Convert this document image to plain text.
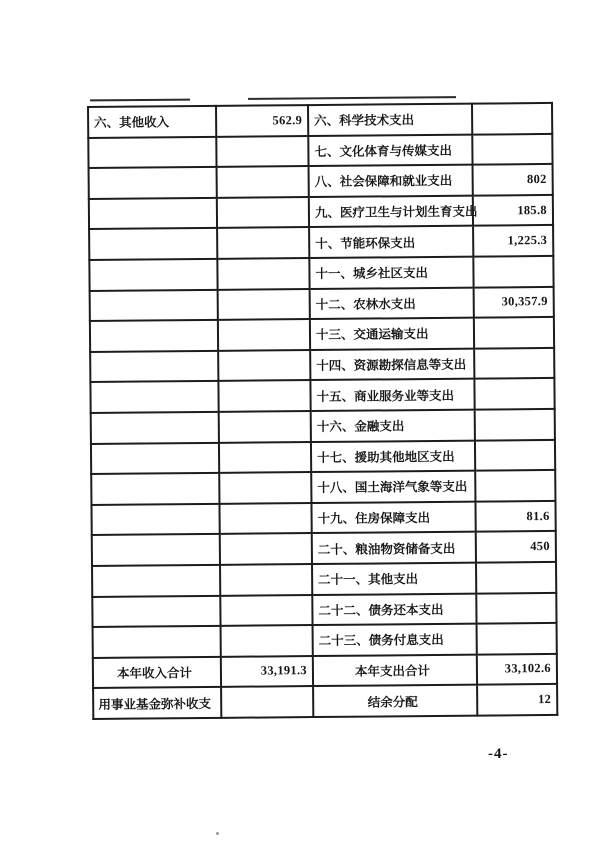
六、其他收入	562.9	六、科学技术支出	
		七、文化体育与传媒支出	
		八、社会保障和就业支出	802
		九、医疗卫生与计划生育支出	185.8
		十、节能环保支出	1,225.3
		十一、城乡社区支出	
		十二、农林水支出	30,357.9
		十三、交通运输支出	
		十四、资源勘探信息等支出	
		十五、商业服务业等支出	
		十六、金融支出	
		十七、援助其他地区支出	
		十八、国土海洋气象等支出	
		十九、住房保障支出	81.6
		二十、粮油物资储备支出	450
		二十一、其他支出	
		二十二、债务还本支出	
		二十三、债务付息支出	
本年收入合计	33,191.3	本年支出合计	33,102.6
用事业基金弥补收支		结余分配	12
-4-
